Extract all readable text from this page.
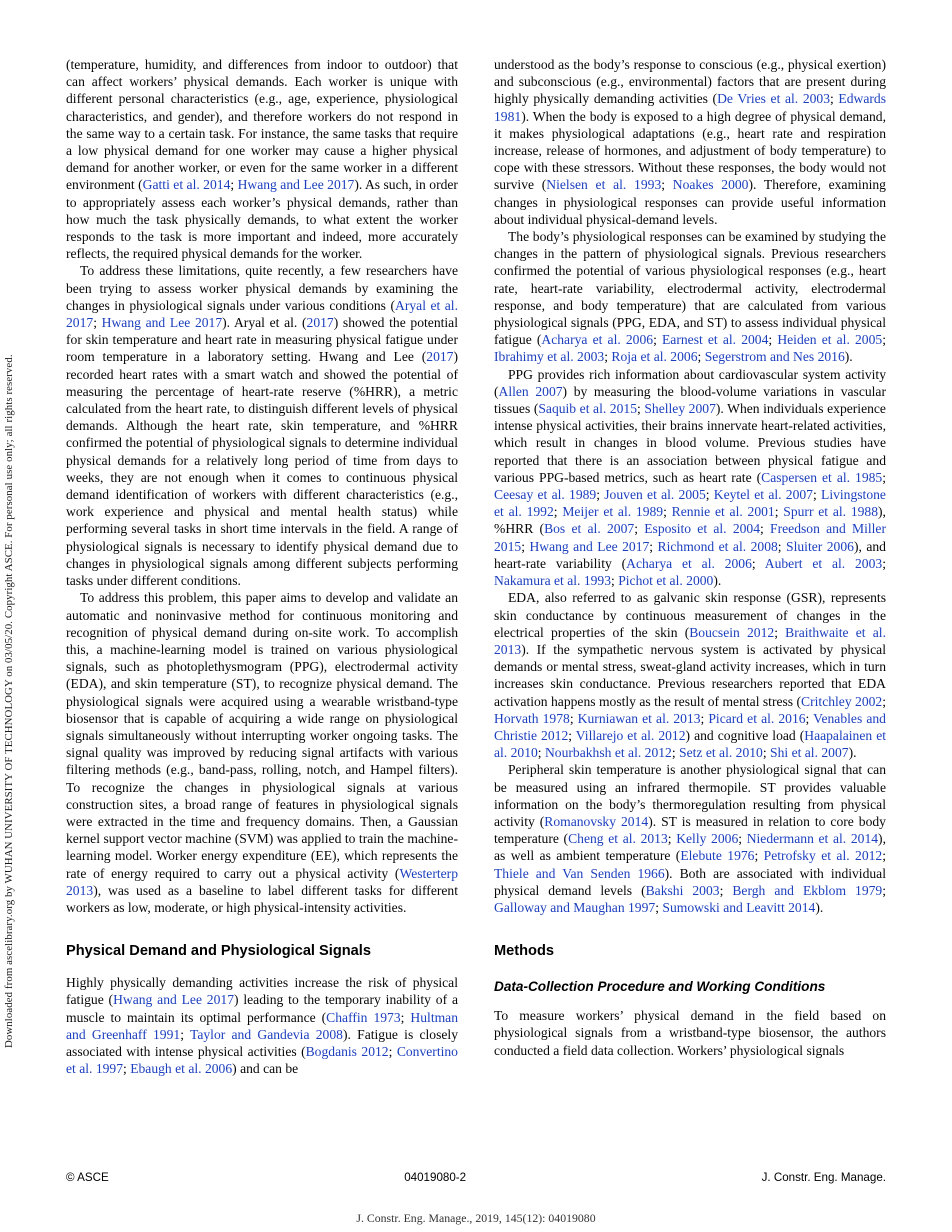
Downloaded from ascelibrary.org by WUHAN UNIVERSITY OF TECHNOLOGY on 03/05/20. Copyright ASCE. For personal use only; all rights reserved.

(temperature, humidity, and differences from indoor to outdoor) that can affect workers’ physical demands. Each worker is unique with different personal characteristics (e.g., age, experience, physiological characteristics, and gender), and therefore workers do not respond in the same way to a certain task. For instance, the same tasks that require a low physical demand for one worker may cause a higher physical demand for another worker, or even for the same worker in a different environment (Gatti et al. 2014; Hwang and Lee 2017). As such, in order to appropriately assess each worker’s physical demands, rather than how much the task physically demands, to what extent the worker responds to the task is more important and indeed, more accurately reflects, the required physical demands for the worker.

To address these limitations, quite recently, a few researchers have been trying to assess worker physical demands by examining the changes in physiological signals under various conditions (Aryal et al. 2017; Hwang and Lee 2017). Aryal et al. (2017) showed the potential for skin temperature and heart rate in measuring physical fatigue under room temperature in a laboratory setting. Hwang and Lee (2017) recorded heart rates with a smart watch and showed the potential of measuring the percentage of heart-rate reserve (%HRR), a metric calculated from the heart rate, to distinguish different levels of physical demands. Although the heart rate, skin temperature, and %HRR confirmed the potential of physiological signals to determine individual physical demands for a relatively long period of time from days to weeks, they are not enough when it comes to continuous physical demand identification of workers with different characteristics (e.g., work experience and physical and mental health status) while performing several tasks in short time intervals in the field. A range of physiological signals is necessary to identify physical demand due to changes in physiological signals among different subjects performing tasks under different conditions.

To address this problem, this paper aims to develop and validate an automatic and noninvasive method for continuous monitoring and recognition of physical demand during on-site work. To accomplish this, a machine-learning model is trained on various physiological signals, such as photoplethysmogram (PPG), electrodermal activity (EDA), and skin temperature (ST), to recognize physical demand. The physiological signals were acquired using a wearable wristband-type biosensor that is capable of acquiring a wide range on physiological signals simultaneously without interrupting worker ongoing tasks. The signal quality was improved by reducing signal artifacts with various filtering methods (e.g., band-pass, rolling, notch, and Hampel filters). To recognize the changes in physiological signals at various construction sites, a broad range of features in physiological signals were extracted in the time and frequency domains. Then, a Gaussian kernel support vector machine (SVM) was applied to train the machine-learning model. Worker energy expenditure (EE), which represents the rate of energy required to carry out a physical activity (Westerterp 2013), was used as a baseline to label different tasks for different workers as low, moderate, or high physical-intensity activities.

Physical Demand and Physiological Signals

Highly physically demanding activities increase the risk of physical fatigue (Hwang and Lee 2017) leading to the temporary inability of a muscle to maintain its optimal performance (Chaffin 1973; Hultman and Greenhaff 1991; Taylor and Gandevia 2008). Fatigue is closely associated with intense physical activities (Bogdanis 2012; Convertino et al. 1997; Ebaugh et al. 2006) and can be

understood as the body’s response to conscious (e.g., physical exertion) and subconscious (e.g., environmental) factors that are present during highly physically demanding activities (De Vries et al. 2003; Edwards 1981). When the body is exposed to a high degree of physical demand, it makes physiological adaptations (e.g., heart rate and respiration increase, release of hormones, and adjustment of body temperature) to cope with these stressors. Without these responses, the body would not survive (Nielsen et al. 1993; Noakes 2000). Therefore, examining changes in physiological responses can provide useful information about individual physical-demand levels.

The body’s physiological responses can be examined by studying the changes in the pattern of physiological signals. Previous researchers confirmed the potential of various physiological responses (e.g., heart rate, heart-rate variability, electrodermal activity, electrodermal response, and body temperature) that are calculated from various physiological signals (PPG, EDA, and ST) to assess individual physical fatigue (Acharya et al. 2006; Earnest et al. 2004; Heiden et al. 2005; Ibrahimy et al. 2003; Roja et al. 2006; Segerstrom and Nes 2016).

PPG provides rich information about cardiovascular system activity (Allen 2007) by measuring the blood-volume variations in vascular tissues (Saquib et al. 2015; Shelley 2007). When individuals experience intense physical activities, their brains innervate heart-related activities, which result in changes in blood volume. Previous studies have reported that there is an association between physical fatigue and various PPG-based metrics, such as heart rate (Caspersen et al. 1985; Ceesay et al. 1989; Jouven et al. 2005; Keytel et al. 2007; Livingstone et al. 1992; Meijer et al. 1989; Rennie et al. 2001; Spurr et al. 1988), %HRR (Bos et al. 2007; Esposito et al. 2004; Freedson and Miller 2015; Hwang and Lee 2017; Richmond et al. 2008; Sluiter 2006), and heart-rate variability (Acharya et al. 2006; Aubert et al. 2003; Nakamura et al. 1993; Pichot et al. 2000).

EDA, also referred to as galvanic skin response (GSR), represents skin conductance by continuous measurement of changes in the electrical properties of the skin (Boucsein 2012; Braithwaite et al. 2013). If the sympathetic nervous system is activated by physical demands or mental stress, sweat-gland activity increases, which in turn increases skin conductance. Previous researchers reported that EDA activation happens mostly as the result of mental stress (Critchley 2002; Horvath 1978; Kurniawan et al. 2013; Picard et al. 2016; Venables and Christie 2012; Villarejo et al. 2012) and cognitive load (Haapalainen et al. 2010; Nourbakhsh et al. 2012; Setz et al. 2010; Shi et al. 2007).

Peripheral skin temperature is another physiological signal that can be measured using an infrared thermopile. ST provides valuable information on the body’s thermoregulation resulting from physical activity (Romanovsky 2014). ST is measured in relation to core body temperature (Cheng et al. 2013; Kelly 2006; Niedermann et al. 2014), as well as ambient temperature (Elebute 1976; Petrofsky et al. 2012; Thiele and Van Senden 1966). Both are associated with individual physical demand levels (Bakshi 2003; Bergh and Ekblom 1979; Galloway and Maughan 1997; Sumowski and Leavitt 2014).

Methods
Data-Collection Procedure and Working Conditions

To measure workers’ physical demand in the field based on physiological signals from a wristband-type biosensor, the authors conducted a field data collection. Workers’ physiological signals

© ASCE	04019080-2	J. Constr. Eng. Manage.
J. Constr. Eng. Manage., 2019, 145(12): 04019080
